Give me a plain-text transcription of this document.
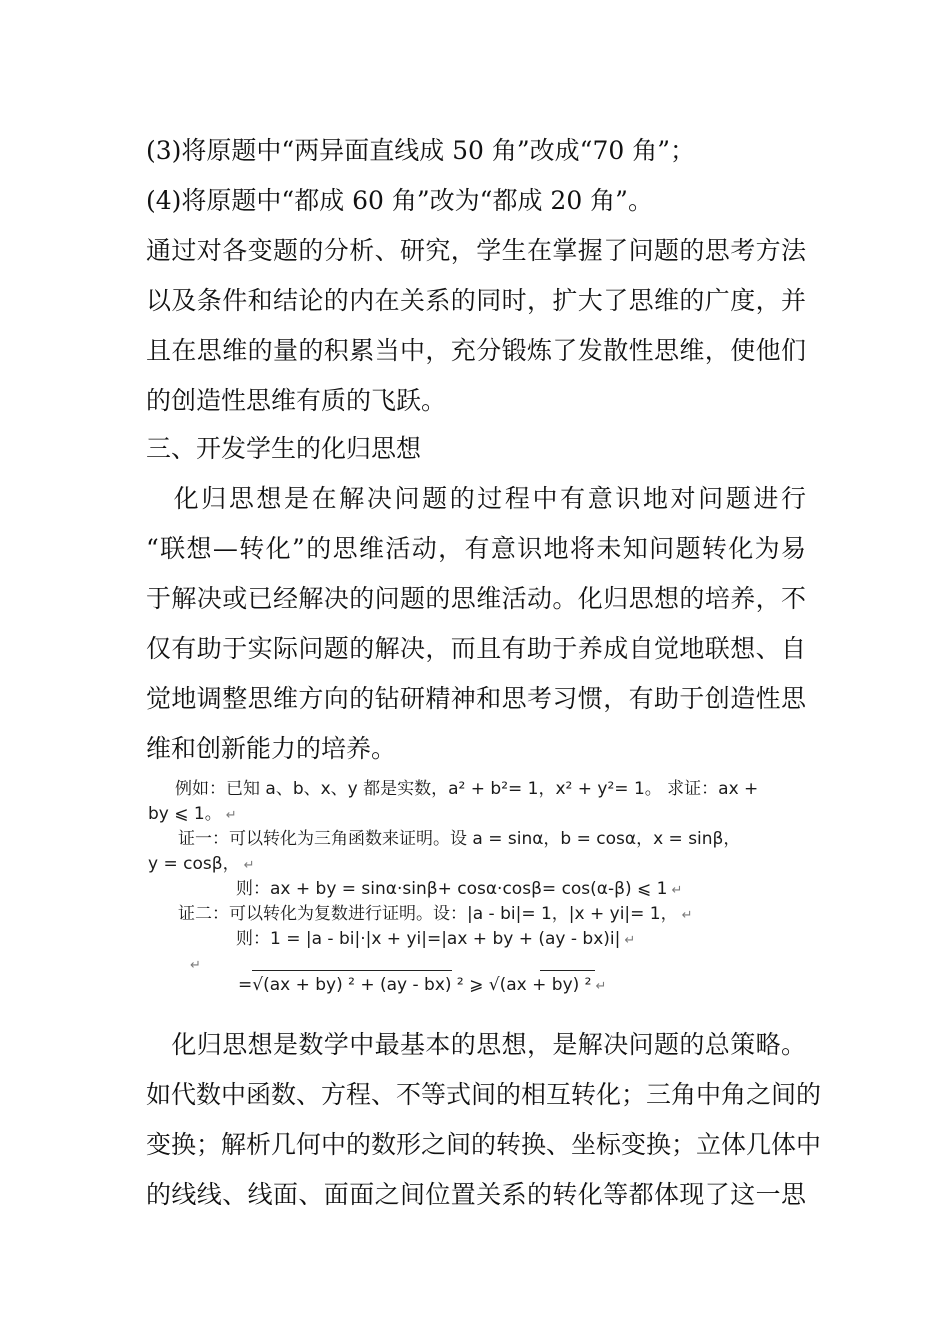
(3)将原题中“两异面直线成 50 角”改成“70 角”；
(4)将原题中“都成 60 角”改为“都成 20 角”。
通过对各变题的分析、研究，学生在掌握了问题的思考方法
以及条件和结论的内在关系的同时，扩大了思维的广度，并
且在思维的量的积累当中，充分锻炼了发散性思维，使他们
的创造性思维有质的飞跃。
三、开发学生的化归思想
　化归思想是在解决问题的过程中有意识地对问题进行
“联想—转化”的思维活动，有意识地将未知问题转化为易
于解决或已经解决的问题的思维活动。化归思想的培养，不
仅有助于实际问题的解决，而且有助于养成自觉地联想、自
觉地调整思维方向的钻研精神和思考习惯，有助于创造性思
维和创新能力的培养。
例如：已知 a、b、x、y 都是实数，a² + b²= 1，x² + y²= 1。 求证：ax +
by ⩽ 1。 ↵
证一：可以转化为三角函数来证明。设 a = sinα，b = cosα，x = sinβ，
y = cosβ， ↵
则：ax + by = sinα·sinβ+ cosα·cosβ= cos(α-β) ⩽ 1 ↵
证二：可以转化为复数进行证明。设：|a - bi|= 1，|x + yi|= 1， ↵
则：1 = |a - bi|·|x + yi|=|ax + by + (ay - bx)i| ↵
↵
=√(ax + by) ² + (ay - bx) ² ⩾ √(ax + by) ² ↵
　化归思想是数学中最基本的思想，是解决问题的总策略。
如代数中函数、方程、不等式间的相互转化；三角中角之间的
变换；解析几何中的数形之间的转换、坐标变换；立体几体中
的线线、线面、面面之间位置关系的转化等都体现了这一思
